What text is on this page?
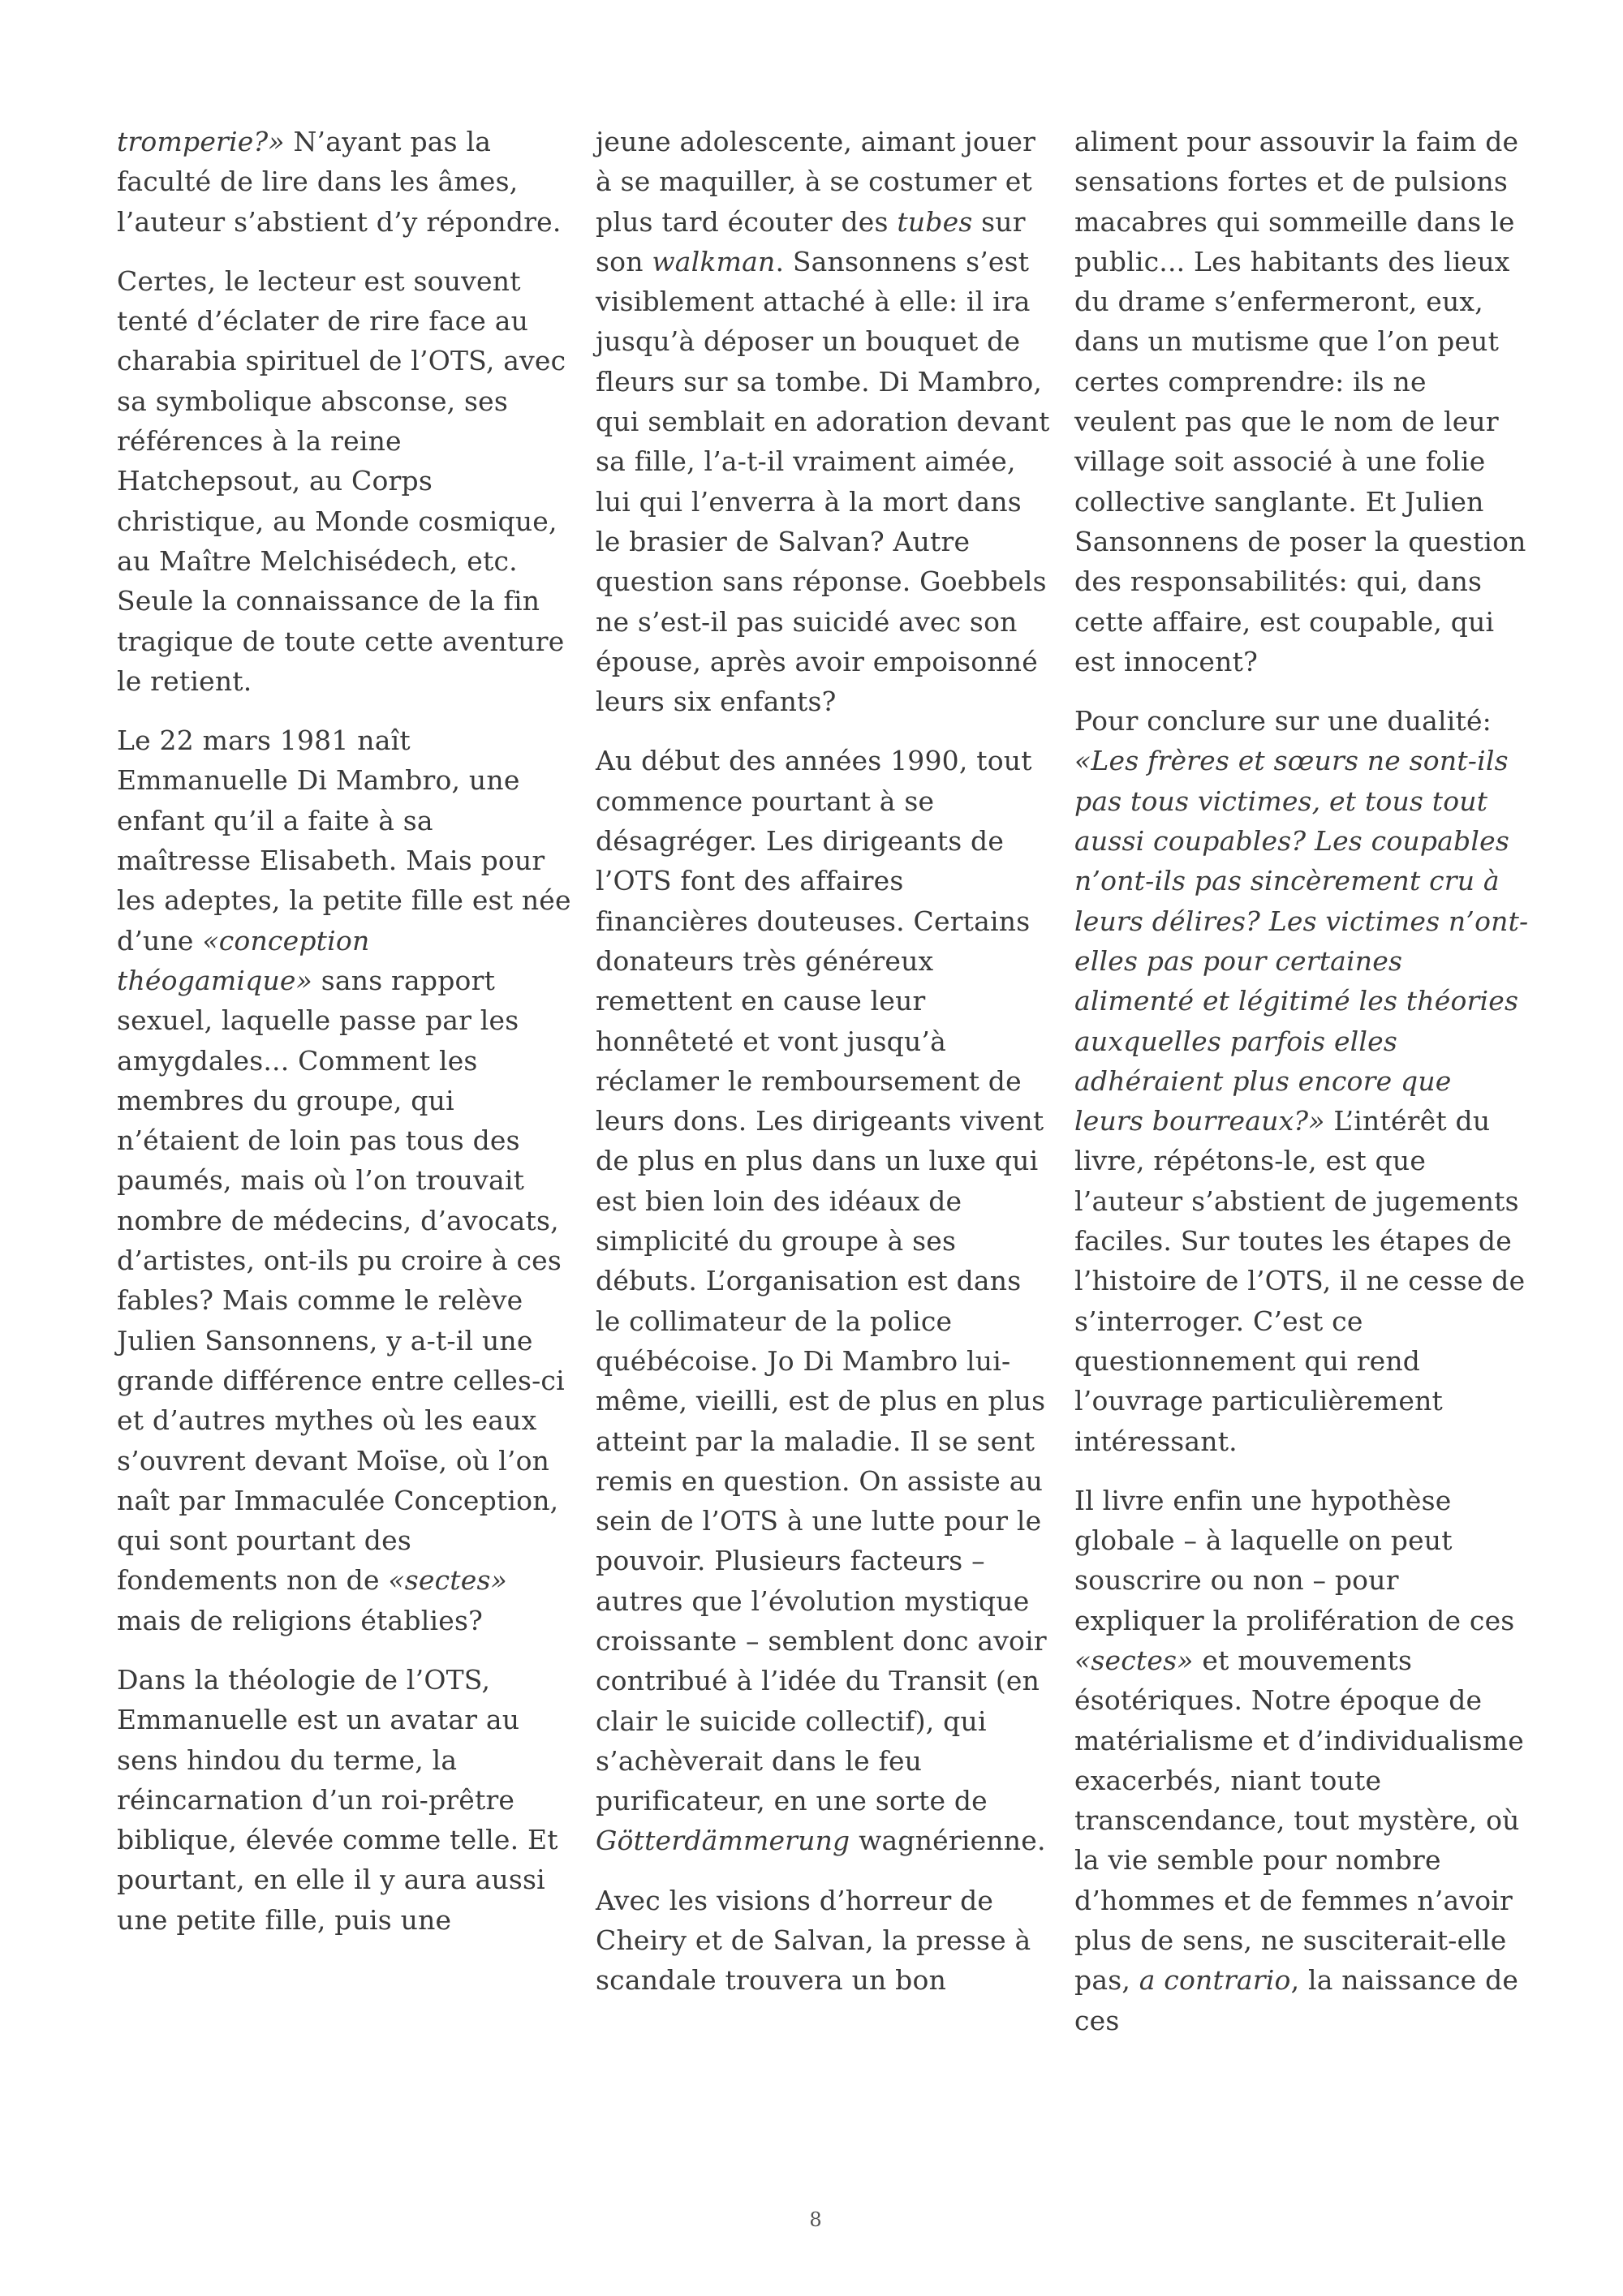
tromperie?» N’ayant pas la faculté de lire dans les âmes, l’auteur s’abstient d’y répondre.

Certes, le lecteur est souvent tenté d’éclater de rire face au charabia spirituel de l’OTS, avec sa symbolique absconse, ses références à la reine Hatchepsout, au Corps christique, au Monde cosmique, au Maître Melchisédech, etc. Seule la connaissance de la fin tragique de toute cette aventure le retient.

Le 22 mars 1981 naît Emmanuelle Di Mambro, une enfant qu’il a faite à sa maîtresse Elisabeth. Mais pour les adeptes, la petite fille est née d’une «conception théogamique» sans rapport sexuel, laquelle passe par les amygdales... Comment les membres du groupe, qui n’étaient de loin pas tous des paumés, mais où l’on trouvait nombre de médecins, d’avocats, d’artistes, ont-ils pu croire à ces fables? Mais comme le relève Julien Sansonnens, y a-t-il une grande différence entre celles-ci et d’autres mythes où les eaux s’ouvrent devant Moïse, où l’on naît par Immaculée Conception, qui sont pourtant des fondements non de «sectes» mais de religions établies?

Dans la théologie de l’OTS, Emmanuelle est un avatar au sens hindou du terme, la réincarnation d’un roi-prêtre biblique, élevée comme telle. Et pourtant, en elle il y aura aussi une petite fille, puis une

jeune adolescente, aimant jouer à se maquiller, à se costumer et plus tard écouter des tubes sur son walkman. Sansonnens s’est visiblement attaché à elle: il ira jusqu’à déposer un bouquet de fleurs sur sa tombe. Di Mambro, qui semblait en adoration devant sa fille, l’a-t-il vraiment aimée, lui qui l’enverra à la mort dans le brasier de Salvan? Autre question sans réponse. Goebbels ne s’est-il pas suicidé avec son épouse, après avoir empoisonné leurs six enfants?

Au début des années 1990, tout commence pourtant à se désagréger. Les dirigeants de l’OTS font des affaires financières douteuses. Certains donateurs très généreux remettent en cause leur honnêteté et vont jusqu’à réclamer le remboursement de leurs dons. Les dirigeants vivent de plus en plus dans un luxe qui est bien loin des idéaux de simplicité du groupe à ses débuts. L’organisation est dans le collimateur de la police québécoise. Jo Di Mambro lui-même, vieilli, est de plus en plus atteint par la maladie. Il se sent remis en question. On assiste au sein de l’OTS à une lutte pour le pouvoir. Plusieurs facteurs – autres que l’évolution mystique croissante – semblent donc avoir contribué à l’idée du Transit (en clair le suicide collectif), qui s’achèverait dans le feu purificateur, en une sorte de Götterdämmerung wagnérienne.

Avec les visions d’horreur de Cheiry et de Salvan, la presse à scandale trouvera un bon

aliment pour assouvir la faim de sensations fortes et de pulsions macabres qui sommeille dans le public... Les habitants des lieux du drame s’enfermeront, eux, dans un mutisme que l’on peut certes comprendre: ils ne veulent pas que le nom de leur village soit associé à une folie collective sanglante. Et Julien Sansonnens de poser la question des responsabilités: qui, dans cette affaire, est coupable, qui est innocent?

Pour conclure sur une dualité: «Les frères et sœurs ne sont-ils pas tous victimes, et tous tout aussi coupables? Les coupables n’ont-ils pas sincèrement cru à leurs délires? Les victimes n’ont-elles pas pour certaines alimenté et légitimé les théories auxquelles parfois elles adhéraient plus encore que leurs bourreaux?» L’intérêt du livre, répétons-le, est que l’auteur s’abstient de jugements faciles. Sur toutes les étapes de l’histoire de l’OTS, il ne cesse de s’interroger. C’est ce questionnement qui rend l’ouvrage particulièrement intéressant.

Il livre enfin une hypothèse globale – à laquelle on peut souscrire ou non – pour expliquer la prolifération de ces «sectes» et mouvements ésotériques. Notre époque de matérialisme et d’individualisme exacerbés, niant toute transcendance, tout mystère, où la vie semble pour nombre d’hommes et de femmes n’avoir plus de sens, ne susciterait-elle pas, a contrario, la naissance de ces

8
